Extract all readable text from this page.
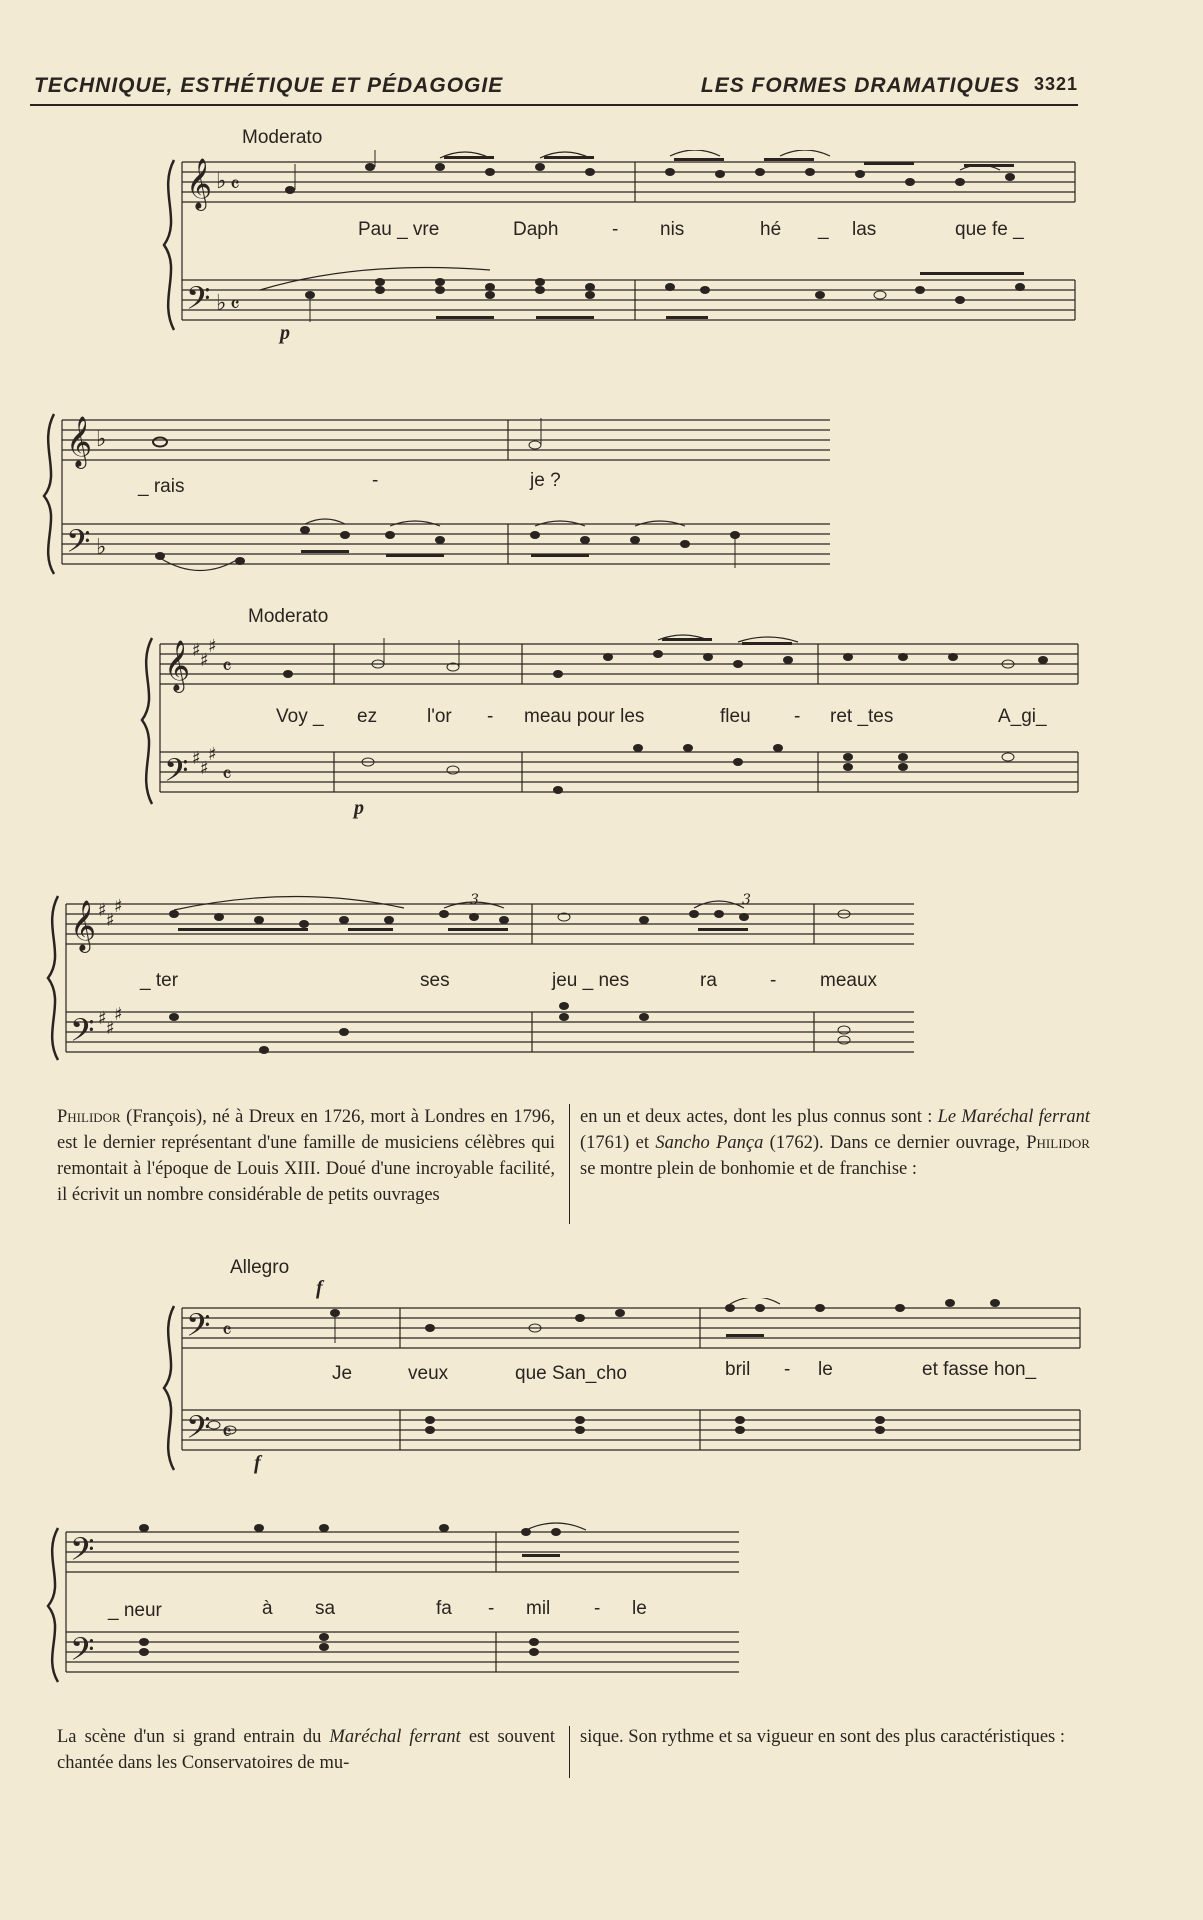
TECHNIQUE, ESTHÉTIQUE ET PÉDAGOGIE	LES FORMES DRAMATIQUES 3321
Moderato
𝄞 ♭ 𝄴
𝄢 ♭ 𝄴
p
Pau _ vre	Daph	- nis	hé _ las	que fe _
𝄞 ♭
𝄢 ♭
_ rais	-	je ?
Moderato
𝄞 ♯ ♯
♯
𝄴
𝄢 ♯ ♯
♯
𝄴
p
Voy _ ez	l'or - meau pour les	fleu - ret _tes	A_gi_
𝄞 ♯ ♯
♯
𝄢 ♯ ♯
♯
3	3
_ ter	ses	jeu _ nes	ra	- meaux

Philidor (François), né à Dreux en 1726, mort à Londres en 1796, est le dernier représentant d'une famille de musiciens célèbres qui remontait à l'époque de Louis XIII. Doué d'une incroyable facilité, il écrivit un nombre considérable de petits ouvrages

en un et deux actes, dont les plus connus sont : Le Maréchal ferrant (1761) et Sancho Pança (1762). Dans ce dernier ouvrage, Philidor se montre plein de bonhomie et de franchise :

Allegro
f
𝄢 𝄴
𝄢 𝄴
f
Je	veux	que San_cho	bril - le	et fasse hon_
𝄢
𝄢
_ neur	à sa	fa - mil - le

La scène d'un si grand entrain du Maréchal ferrant est souvent chantée dans les Conservatoires de mu-

sique. Son rythme et sa vigueur en sont des plus caractéristiques :
